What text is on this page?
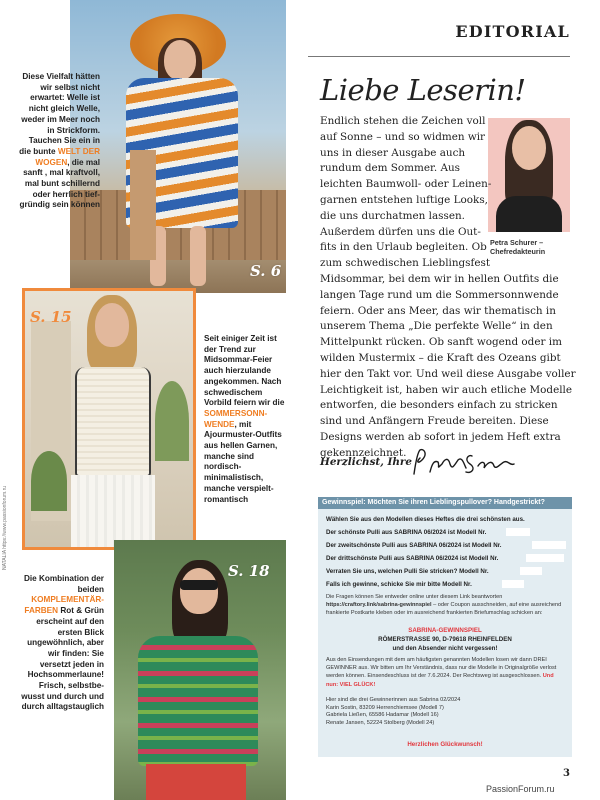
S. 6
S. 15
S. 18
Diese Vielfalt hätten wir selbst nicht erwartet: Welle ist nicht gleich Welle, weder im Meer noch in Strickform. Tauchen Sie ein in die bunte WELT DER WOGEN, die mal sanft , mal kraftvoll, mal bunt schillernd oder herrlich tiefgründig sein können
Seit einiger Zeit ist der Trend zur Midsommar-Feier auch hierzulande angekommen. Nach schwedischem Vorbild feiern wir die SOMMERSONNWENDE, mit Ajourmuster-Outfits aus hellen Garnen, manche sind nordisch-minimalistisch, manche verspielt-romantisch
Die Kombination der beiden KOMPLEMENTÄRFARBEN Rot & Grün erscheint auf den ersten Blick ungewöhnlich, aber wir finden: Sie versetzt jeden in Hochsommerlaune! Frisch, selbstbewusst und durch und durch alltagstauglich
NATALIA https://www.passionforum.ru
EDITORIAL
Liebe Leserin!
Petra Schurer –
Chefredakteurin
Endlich stehen die Zeichen voll
auf Sonne – und so widmen wir
uns in dieser Ausgabe auch
rundum dem Sommer. Aus
leichten Baumwoll- oder Leinen-
garnen entstehen luftige Looks,
die uns durchatmen lassen.
Außerdem dürfen uns die Out-
fits in den Urlaub begleiten. Ob
zum schwedischen Lieblingsfest
Midsommar, bei dem wir in hellen Outfits die
langen Tage rund um die Sommersonnwende
feiern. Oder ans Meer, das wir thematisch in
unserem Thema „Die perfekte Welle“ in den
Mittelpunkt rücken. Ob sanft wogend oder im
wilden Mustermix – die Kraft des Ozeans gibt
hier den Takt vor. Und weil diese Ausgabe voller
Leichtigkeit ist, haben wir auch etliche Modelle
entworfen, die besonders einfach zu stricken
sind und Anfängern Freude bereiten. Diese
Designs werden ab sofort in jedem Heft extra
gekennzeichnet.
Herzlichst, Ihre
Gewinnspiel: Möchten Sie ihren Lieblingspullover? Handgestrickt?
Wählen Sie aus den Modellen dieses Heftes die drei schönsten aus.
Der schönste Pulli aus SABRINA 06/2024 ist Modell Nr.
Der zweitschönste Pulli aus SABRINA 06/2024 ist Modell Nr.
Der drittschönste Pulli aus SABRINA 06/2024 ist Modell Nr.
Verraten Sie uns, welchen Pulli Sie stricken? Modell Nr.
Falls ich gewinne, schicke Sie mir bitte Modell Nr.
Die Fragen können Sie entweder online unter diesem Link beantworten https://craftory.link/sabrina-gewinnspiel – oder Coupon ausschneiden, auf eine ausreichend frankierte Postkarte kleben oder im ausreichend frankierten Briefumschlag schicken an:
SABRINA-GEWINNSPIEL
RÖMERSTRASSE 90, D-79618 RHEINFELDEN
und den Absender nicht vergessen!
Aus den Einsendungen mit dem am häufigsten genannten Modellen losen wir dann DREI GEWINNER aus. Wir bitten um Ihr Verständnis, dass nur die Modelle in Originalgröße verlost werden können. Einsendeschluss ist der 7.6.2024. Der Rechtsweg ist ausgeschlossen. Und nun: VIEL GLÜCK!
Hier sind die drei Gewinnerinnen aus Sabrina 02/2024
Karin Sostin, 83209 Herrenchiemsee (Modell 7)
Gabriela Ließen, 65586 Hadamar (Modell 16)
Renate Jansen, 52224 Stolberg (Modell 24)
Herzlichen Glückwunsch!
3
PassionForum.ru
